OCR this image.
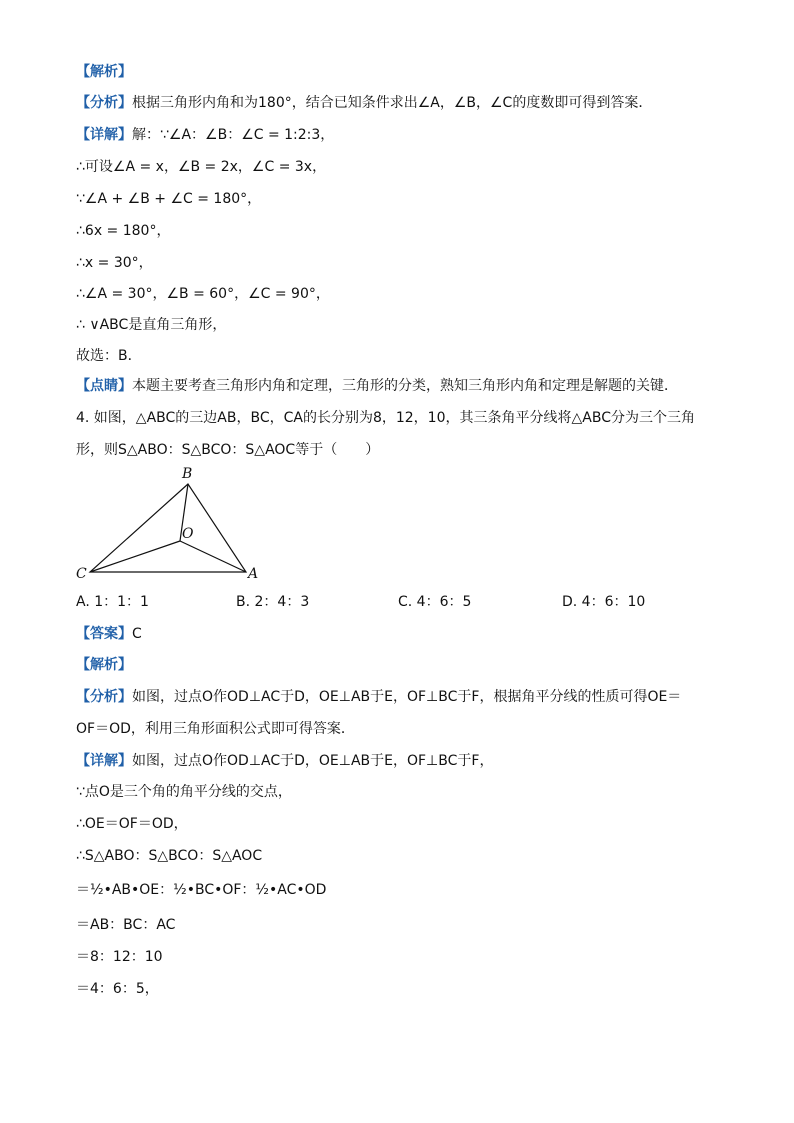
【解析】
【分析】根据三角形内角和为180°，结合已知条件求出∠A，∠B，∠C的度数即可得到答案．
【详解】解：∵∠A：∠B：∠C = 1:2:3，
∴可设∠A = x，∠B = 2x，∠C = 3x，
∵∠A + ∠B + ∠C = 180°，
∴6x = 180°，
∴x = 30°，
∴∠A = 30°，∠B = 60°，∠C = 90°，
∴ ∨ABC是直角三角形，
故选：B．
【点睛】本题主要考查三角形内角和定理，三角形的分类，熟知三角形内角和定理是解题的关键．
4. 如图，△ABC的三边AB，BC，CA的长分别为8，12，10，其三条角平分线将△ABC分为三个三角
形，则S△ABO：S△BCO：S△AOC等于（　　）
B
O
C	A
A. 1：1：1	B. 2：4：3	C. 4：6：5	D. 4：6：10
【答案】C
【解析】
【分析】如图，过点O作OD⊥AC于D，OE⊥AB于E，OF⊥BC于F，根据角平分线的性质可得OE＝
OF＝OD，利用三角形面积公式即可得答案．
【详解】如图，过点O作OD⊥AC于D，OE⊥AB于E，OF⊥BC于F，
∵点O是三个角的角平分线的交点，
∴OE＝OF＝OD，
∴S△ABO：S△BCO：S△AOC
＝½•AB•OE：½•BC•OF：½•AC•OD
＝AB：BC：AC
＝8：12：10
＝4：6：5，
